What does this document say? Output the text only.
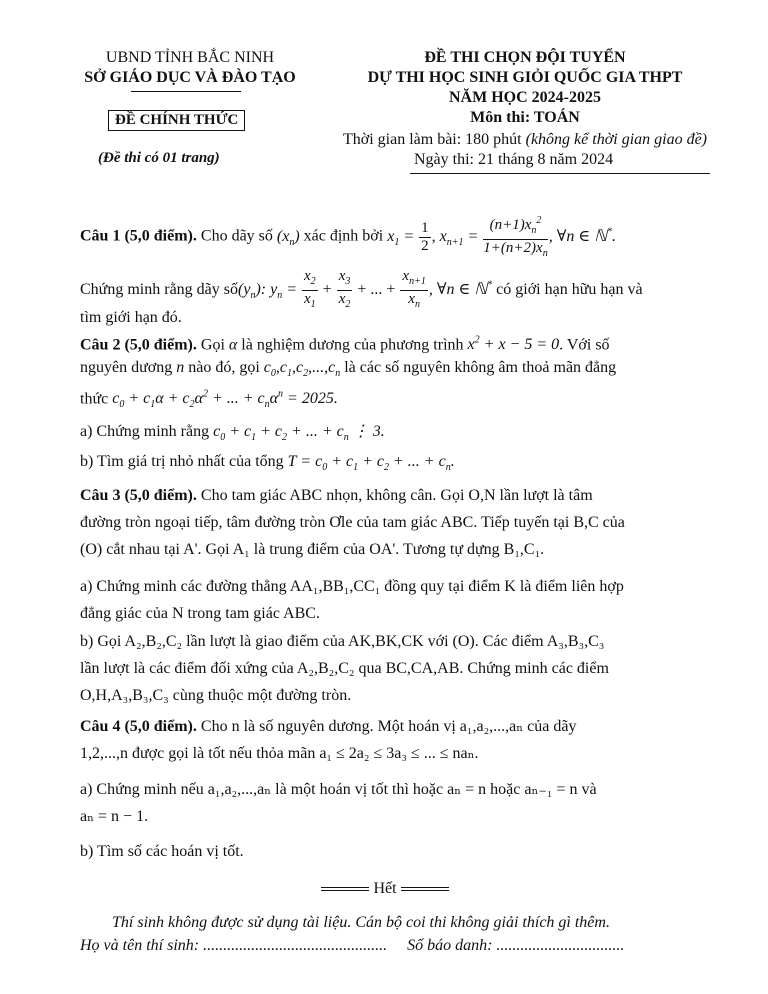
UBND TỈNH BẮC NINH
SỞ GIÁO DỤC VÀ ĐÀO TẠO
ĐỀ CHÍNH THỨC
(Đề thi có 01 trang)
ĐỀ THI CHỌN ĐỘI TUYỂN
DỰ THI HỌC SINH GIỎI QUỐC GIA THPT
NĂM HỌC 2024-2025
Môn thi: TOÁN
Thời gian làm bài: 180 phút (không kể thời gian giao đề)
Ngày thi: 21 tháng 8 năm 2024
Câu 1 (5,0 điểm). Cho dãy số $(x_n)$ xác định bởi $x_1 = \frac{1}{2}$ , $x_{n+1} = \frac{(n+1)x_n^2}{1+(n+2)x_n}$ , ∀n ∈ ℕ*.
Chứng minh rằng dãy $số(y_n)$: $y_n = \frac{x_2}{x_1} + \frac{x_3}{x_2}$ + ... + $\frac{x_{n+1}}{x_n}$ , ∀n ∈ ℕ* có giới hạn hữu hạn và
tìm giới hạn đó.
Câu 2 (5,0 điểm). Gọi α là nghiệm dương của phương trình $x^2 + x - 5 = 0$. Với số
nguyên dương n nào đó, gọi $c_0,c_1,c_2,...,c_n$ là các số nguyên không âm thoả mãn đẳng
thức $c_0 + c_1\alpha + c_2\alpha^2$ + ... + $c_n\alpha^n = 2025$.
a) Chứng minh rằng $c_0 + c_1 + c_2$ + ... + $c_n$ ⋮ 3.
b) Tìm giá trị nhỏ nhất của tổng $T = c_0 + c_1 + c_2$ + ... + $c_n$.
Câu 3 (5,0 điểm). Cho tam giác ABC nhọn, không cân. Gọi O,N lần lượt là tâm
đường tròn ngoại tiếp, tâm đường tròn Ơle của tam giác ABC. Tiếp tuyến tại B,C của
(O) cắt nhau tại A'. Gọi A₁ là trung điểm của OA'. Tương tự dựng B₁,C₁.
a) Chứng minh các đường thẳng AA₁,BB₁,CC₁ đồng quy tại điểm K là điểm liên hợp
đẳng giác của N trong tam giác ABC.
b) Gọi A₂,B₂,C₂ lần lượt là giao điểm của AK,BK,CK với (O). Các điểm A₃,B₃,C₃
lần lượt là các điểm đối xứng của A₂,B₂,C₂ qua BC,CA,AB. Chứng minh các điểm
O,H,A₃,B₃,C₃ cùng thuộc một đường tròn.
Câu 4 (5,0 điểm). Cho n là số nguyên dương. Một hoán vị a₁,a₂,...,aₙ của dãy
1,2,...,n được gọi là tốt nếu thỏa mãn a₁ ≤ 2a₂ ≤ 3a₃ ≤ ... ≤ naₙ.
a) Chứng minh nếu a₁,a₂,...,aₙ là một hoán vị tốt thì hoặc aₙ = n hoặc aₙ₋₁ = n và
aₙ = n − 1.
b) Tìm số các hoán vị tốt.
Hết
Thí sinh không được sử dụng tài liệu. Cán bộ coi thi không giải thích gì thêm.
Họ và tên thí sinh: .............................................. Số báo danh: ................................
